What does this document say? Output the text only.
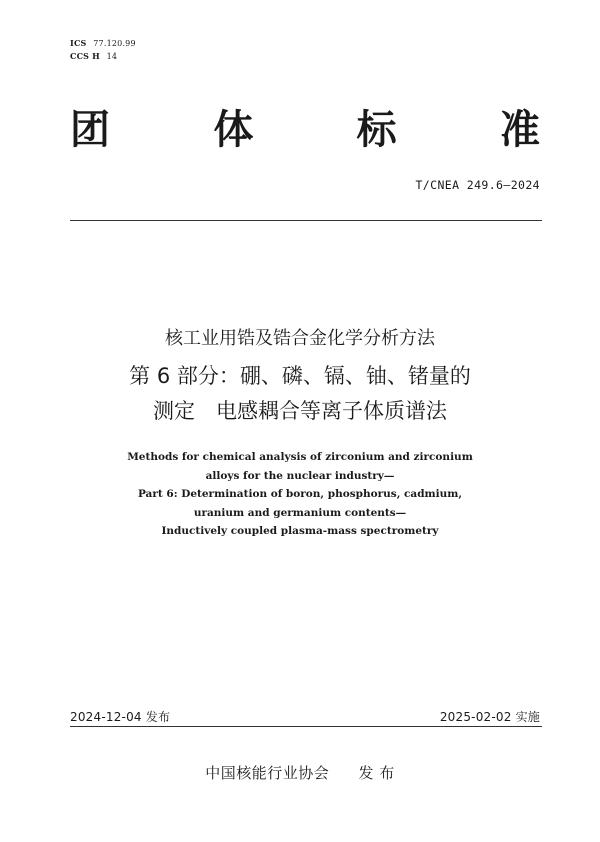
ICS 77.120.99
CCS H 14
团	体	标	准
T/CNEA 249.6—2024
核工业用锆及锆合金化学分析方法
第 6 部分：硼、磷、镉、铀、锗量的
测定　电感耦合等离子体质谱法
Methods for chemical analysis of zirconium and zirconium
alloys for the nuclear industry—
Part 6: Determination of boron, phosphorus, cadmium,
uranium and germanium contents—
Inductively coupled plasma-mass spectrometry
2024-12-04 发布	2025-02-02 实施
中国核能行业协会 发 布
